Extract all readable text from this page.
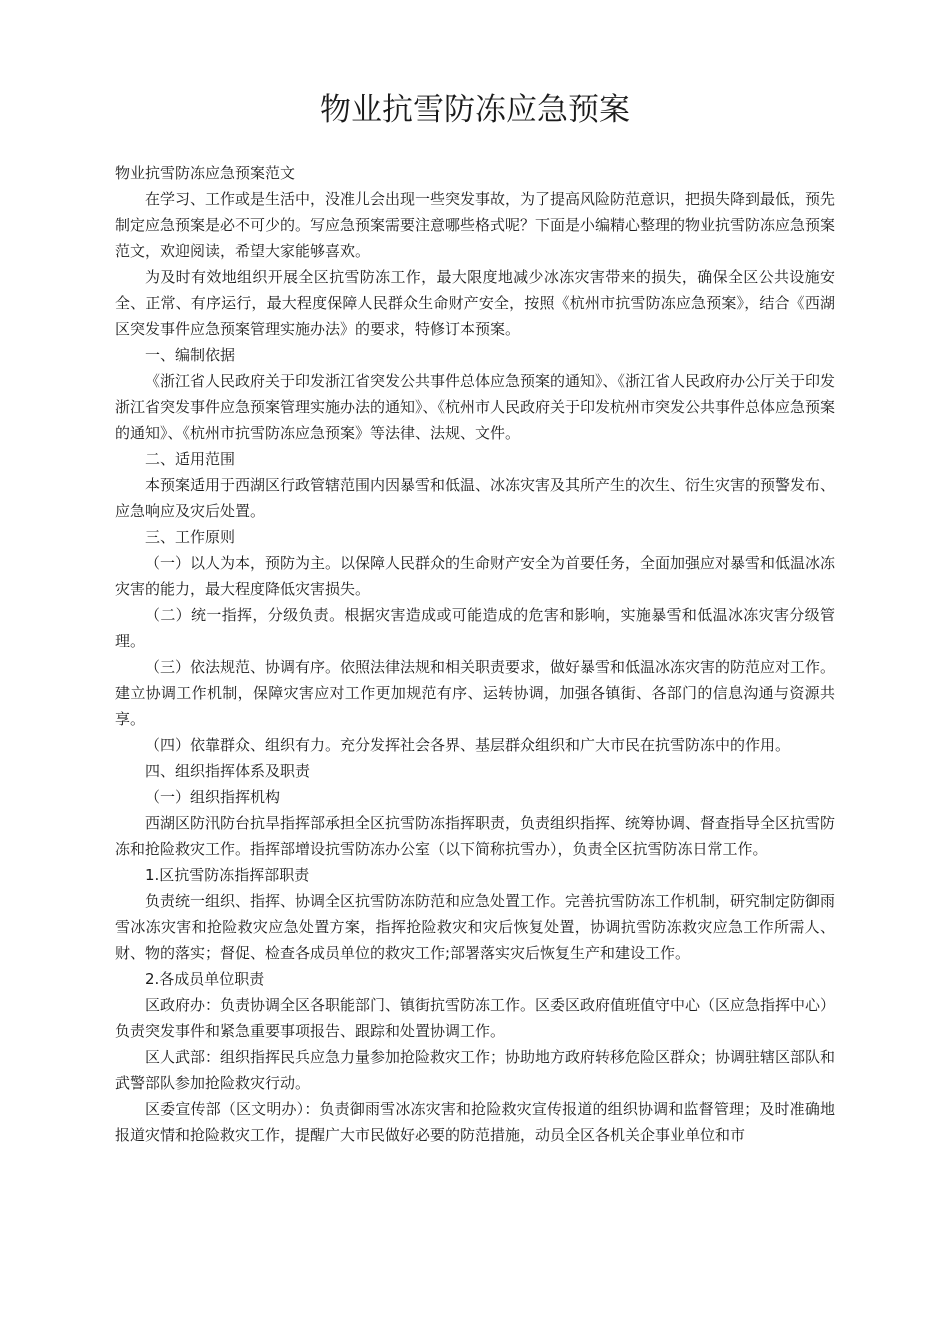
物业抗雪防冻应急预案

物业抗雪防冻应急预案范文

在学习、工作或是生活中，没准儿会出现一些突发事故，为了提高风险防范意识，把损失降到最低，预先制定应急预案是必不可少的。写应急预案需要注意哪些格式呢？下面是小编精心整理的物业抗雪防冻应急预案范文，欢迎阅读，希望大家能够喜欢。

为及时有效地组织开展全区抗雪防冻工作，最大限度地减少冰冻灾害带来的损失，确保全区公共设施安全、正常、有序运行，最大程度保障人民群众生命财产安全，按照《杭州市抗雪防冻应急预案》，结合《西湖区突发事件应急预案管理实施办法》的要求，特修订本预案。

一、编制依据

《浙江省人民政府关于印发浙江省突发公共事件总体应急预案的通知》、《浙江省人民政府办公厅关于印发浙江省突发事件应急预案管理实施办法的通知》、《杭州市人民政府关于印发杭州市突发公共事件总体应急预案的通知》、《杭州市抗雪防冻应急预案》等法律、法规、文件。

二、适用范围

本预案适用于西湖区行政管辖范围内因暴雪和低温、冰冻灾害及其所产生的次生、衍生灾害的预警发布、应急响应及灾后处置。

三、工作原则

（一）以人为本，预防为主。以保障人民群众的生命财产安全为首要任务，全面加强应对暴雪和低温冰冻灾害的能力，最大程度降低灾害损失。

（二）统一指挥，分级负责。根据灾害造成或可能造成的危害和影响，实施暴雪和低温冰冻灾害分级管理。

（三）依法规范、协调有序。依照法律法规和相关职责要求，做好暴雪和低温冰冻灾害的防范应对工作。建立协调工作机制，保障灾害应对工作更加规范有序、运转协调，加强各镇街、各部门的信息沟通与资源共享。

（四）依靠群众、组织有力。充分发挥社会各界、基层群众组织和广大市民在抗雪防冻中的作用。

四、组织指挥体系及职责

（一）组织指挥机构

西湖区防汛防台抗旱指挥部承担全区抗雪防冻指挥职责，负责组织指挥、统筹协调、督查指导全区抗雪防冻和抢险救灾工作。指挥部增设抗雪防冻办公室（以下简称抗雪办），负责全区抗雪防冻日常工作。

1.区抗雪防冻指挥部职责

负责统一组织、指挥、协调全区抗雪防冻防范和应急处置工作。完善抗雪防冻工作机制，研究制定防御雨雪冰冻灾害和抢险救灾应急处置方案，指挥抢险救灾和灾后恢复处置，协调抗雪防冻救灾应急工作所需人、财、物的落实；督促、检查各成员单位的救灾工作;部署落实灾后恢复生产和建设工作。

2.各成员单位职责

区政府办：负责协调全区各职能部门、镇街抗雪防冻工作。区委区政府值班值守中心（区应急指挥中心）负责突发事件和紧急重要事项报告、跟踪和处置协调工作。

区人武部：组织指挥民兵应急力量参加抢险救灾工作；协助地方政府转移危险区群众；协调驻辖区部队和武警部队参加抢险救灾行动。

区委宣传部（区文明办）：负责御雨雪冰冻灾害和抢险救灾宣传报道的组织协调和监督管理；及时准确地报道灾情和抢险救灾工作，提醒广大市民做好必要的防范措施，动员全区各机关企事业单位和市
